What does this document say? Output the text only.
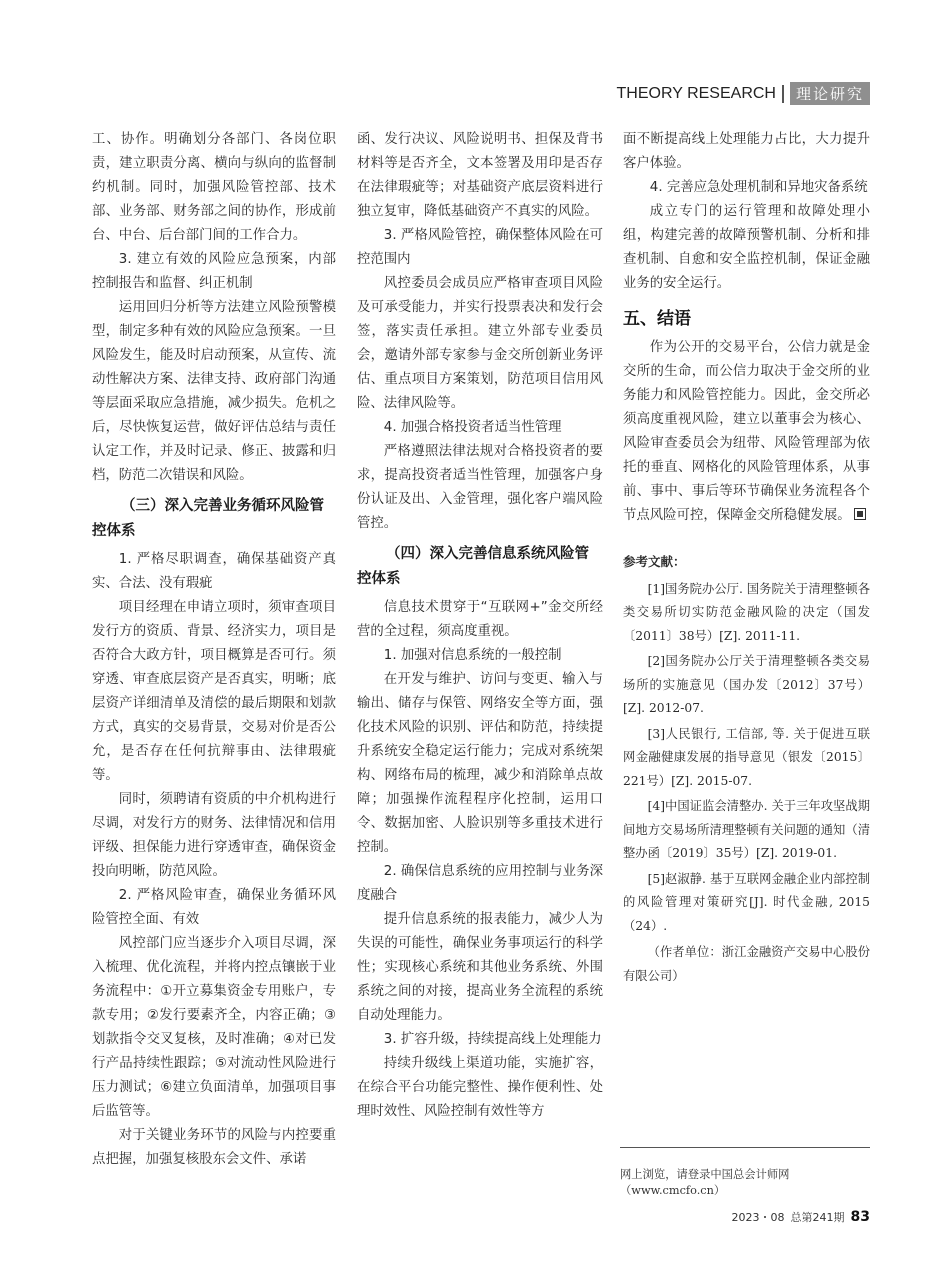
THEORY RESEARCH	理论研究

工、协作。明确划分各部门、各岗位职责，建立职责分离、横向与纵向的监督制约机制。同时，加强风险管控部、技术部、业务部、财务部之间的协作，形成前台、中台、后台部门间的工作合力。

3. 建立有效的风险应急预案，内部控制报告和监督、纠正机制

运用回归分析等方法建立风险预警模型，制定多种有效的风险应急预案。一旦风险发生，能及时启动预案，从宣传、流动性解决方案、法律支持、政府部门沟通等层面采取应急措施，减少损失。危机之后，尽快恢复运营，做好评估总结与责任认定工作，并及时记录、修正、披露和归档，防范二次错误和风险。

（三）深入完善业务循环风险管控体系

1. 严格尽职调查，确保基础资产真实、合法、没有瑕疵

项目经理在申请立项时，须审查项目发行方的资质、背景、经济实力，项目是否符合大政方针，项目概算是否可行。须穿透、审查底层资产是否真实，明晰；底层资产详细清单及清偿的最后期限和划款方式，真实的交易背景，交易对价是否公允，是否存在任何抗辩事由、法律瑕疵等。

同时，须聘请有资质的中介机构进行尽调，对发行方的财务、法律情况和信用评级、担保能力进行穿透审查，确保资金投向明晰，防范风险。

2. 严格风险审查，确保业务循环风险管控全面、有效

风控部门应当逐步介入项目尽调，深入梳理、优化流程，并将内控点镶嵌于业务流程中：①开立募集资金专用账户，专款专用；②发行要素齐全，内容正确；③划款指令交叉复核，及时准确；④对已发行产品持续性跟踪；⑤对流动性风险进行压力测试；⑥建立负面清单，加强项目事后监管等。

对于关键业务环节的风险与内控要重点把握，加强复核股东会文件、承诺

函、发行决议、风险说明书、担保及背书材料等是否齐全，文本签署及用印是否存在法律瑕疵等；对基础资产底层资料进行独立复审，降低基础资产不真实的风险。

3. 严格风险管控，确保整体风险在可控范围内

风控委员会成员应严格审查项目风险及可承受能力，并实行投票表决和发行会签，落实责任承担。建立外部专业委员会，邀请外部专家参与金交所创新业务评估、重点项目方案策划，防范项目信用风险、法律风险等。

4. 加强合格投资者适当性管理

严格遵照法律法规对合格投资者的要求，提高投资者适当性管理，加强客户身份认证及出、入金管理，强化客户端风险管控。

（四）深入完善信息系统风险管控体系

信息技术贯穿于“互联网+”金交所经营的全过程，须高度重视。

1. 加强对信息系统的一般控制

在开发与维护、访问与变更、输入与输出、储存与保管、网络安全等方面，强化技术风险的识别、评估和防范，持续提升系统安全稳定运行能力；完成对系统架构、网络布局的梳理，减少和消除单点故障；加强操作流程程序化控制，运用口令、数据加密、人脸识别等多重技术进行控制。

2. 确保信息系统的应用控制与业务深度融合

提升信息系统的报表能力，减少人为失误的可能性，确保业务事项运行的科学性；实现核心系统和其他业务系统、外围系统之间的对接，提高业务全流程的系统自动处理能力。

3. 扩容升级，持续提高线上处理能力

持续升级线上渠道功能，实施扩容，在综合平台功能完整性、操作便利性、处理时效性、风险控制有效性等方

面不断提高线上处理能力占比，大力提升客户体验。

4. 完善应急处理机制和异地灾备系统

成立专门的运行管理和故障处理小组，构建完善的故障预警机制、分析和排查机制、自愈和安全监控机制，保证金融业务的安全运行。

五、结语

作为公开的交易平台，公信力就是金交所的生命，而公信力取决于金交所的业务能力和风险管控能力。因此，金交所必须高度重视风险，建立以董事会为核心、风险审查委员会为纽带、风险管理部为依托的垂直、网格化的风险管理体系，从事前、事中、事后等环节确保业务流程各个节点风险可控，保障金交所稳健发展。

参考文献：

[1]国务院办公厅. 国务院关于清理整顿各类交易所切实防范金融风险的决定（国发〔2011〕38号）[Z]. 2011-11.

[2]国务院办公厅关于清理整顿各类交易场所的实施意见（国办发〔2012〕37号）[Z]. 2012-07.

[3]人民银行, 工信部, 等. 关于促进互联网金融健康发展的指导意见（银发〔2015〕221号）[Z]. 2015-07.

[4]中国证监会清整办. 关于三年攻坚战期间地方交易场所清理整顿有关问题的通知（清整办函〔2019〕35号）[Z]. 2019-01.

[5]赵淑静. 基于互联网金融企业内部控制的风险管理对策研究[J]. 时代金融, 2015（24）.

（作者单位：浙江金融资产交易中心股份有限公司）

网上浏览，请登录中国总会计师网（www.cmcfo.cn）
2023・08 总第241期 83
